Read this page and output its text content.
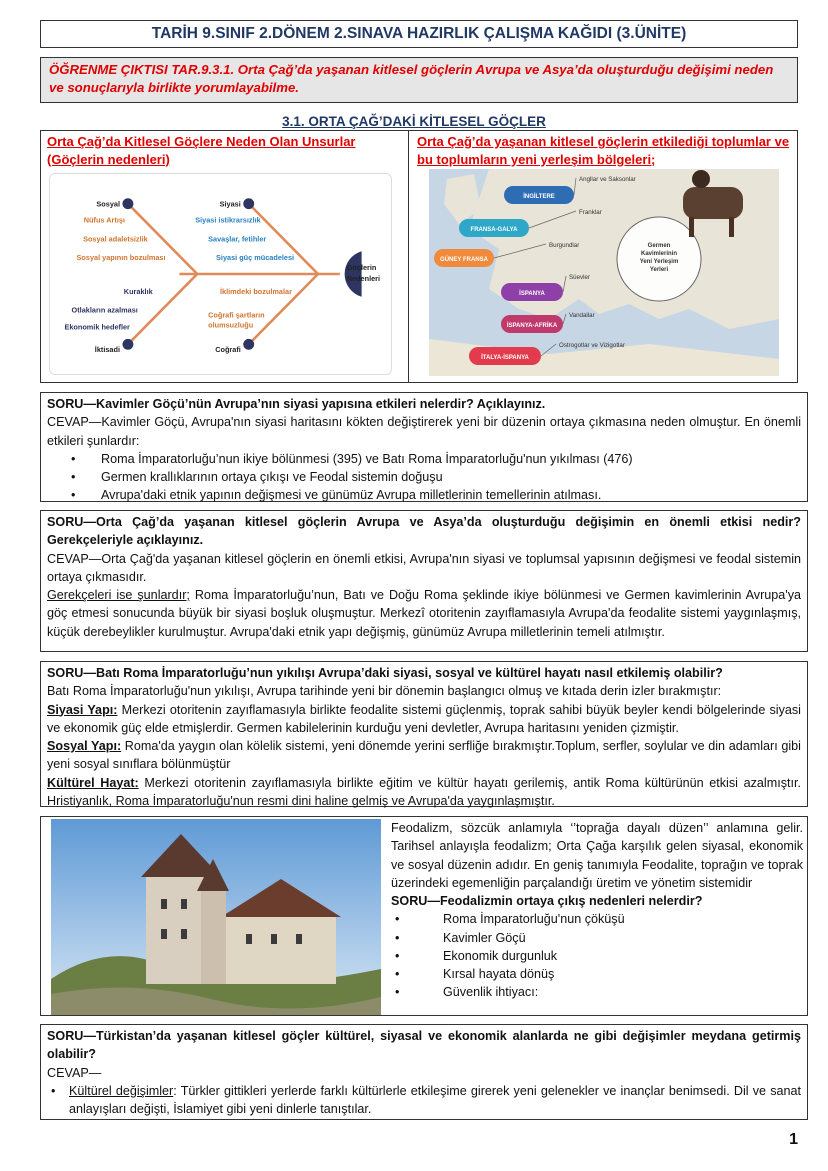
TARİH 9.SINIF 2.DÖNEM 2.SINAVA HAZIRLIK ÇALIŞMA KAĞIDI (3.ÜNİTE)
ÖĞRENME ÇIKTISI TAR.9.3.1. Orta Çağ’da yaşanan kitlesel göçlerin Avrupa ve Asya’da oluşturduğu değişimi neden ve sonuçlarıyla birlikte yorumlayabilme.
3.1. ORTA ÇAĞ’DAKİ KİTLESEL GÖÇLER
Orta Çağ’da Kitlesel Göçlere Neden Olan Unsurlar (Göçlerin nedenleri)
Orta Çağ’da yaşanan kitlesel göçlerin etkilediği toplumlar ve bu toplumların yeni yerleşim bölgeleri;
Sosyal	Siyasi
İktisadi	Coğrafi
Göçlerin
Nedenleri
Nüfus Artışı
Sosyal adaletsizlik
Sosyal yapının bozulması
Siyasi istikrarsızlık
Savaşlar, fetihler
Siyasi güç mücadelesi
Kuraklık
Otlakların azalması
Ekonomik hedefler
İklimdeki bozulmalar
Coğrafi şartların
olumsuzluğu
Germen
Kavimlerinin
Yeni Yerleşim
Yerleri
İNGİLTERE
Angllar ve Saksonlar
FRANSA-GALYA
Franklar
GÜNEY FRANSA
Burgundlar
İSPANYA
Süevler
İSPANYA-AFRİKA
Vandallar
İTALYA-İSPANYA
Ostrogotlar ve Vizigotlar
SORU—Kavimler Göçü’nün Avrupa’nın siyasi yapısına etkileri nelerdir? Açıklayınız.
CEVAP—Kavimler Göçü, Avrupa'nın siyasi haritasını kökten değiştirerek yeni bir düzenin ortaya çıkmasına neden olmuştur. En önemli etkileri şunlardır:
• Roma İmparatorluğu’nun ikiye bölünmesi (395) ve Batı Roma İmparatorluğu'nun yıkılması (476)
• Germen krallıklarının ortaya çıkışı ve Feodal sistemin doğuşu
• Avrupa'daki etnik yapının değişmesi ve günümüz Avrupa milletlerinin temellerinin atılması.
SORU—Orta Çağ’da yaşanan kitlesel göçlerin Avrupa ve Asya’da oluşturduğu değişimin en önemli etkisi nedir? Gerekçeleriyle açıklayınız.
CEVAP—Orta Çağ'da yaşanan kitlesel göçlerin en önemli etkisi, Avrupa'nın siyasi ve toplumsal yapısının değişmesi ve feodal sistemin ortaya çıkmasıdır.
Gerekçeleri ise şunlardır; Roma İmparatorluğu’nun, Batı ve Doğu Roma şeklinde ikiye bölünmesi ve Germen kavimlerinin Avrupa'ya göç etmesi sonucunda büyük bir siyasi boşluk oluşmuştur. Merkezî otoritenin zayıflamasıyla Avrupa'da feodalite sistemi yaygınlaşmış, küçük derebeylikler kurulmuştur. Avrupa'daki etnik yapı değişmiş, günümüz Avrupa milletlerinin temeli atılmıştır.
SORU—Batı Roma İmparatorluğu’nun yıkılışı Avrupa’daki siyasi, sosyal ve kültürel hayatı nasıl etkilemiş olabilir?
Batı Roma İmparatorluğu'nun yıkılışı, Avrupa tarihinde yeni bir dönemin başlangıcı olmuş ve kıtada derin izler bırakmıştır:
Siyasi Yapı: Merkezi otoritenin zayıflamasıyla birlikte feodalite sistemi güçlenmiş, toprak sahibi büyük beyler kendi bölgelerinde siyasi ve ekonomik güç elde etmişlerdir. Germen kabilelerinin kurduğu yeni devletler, Avrupa haritasını yeniden çizmiştir.
Sosyal Yapı: Roma'da yaygın olan kölelik sistemi, yeni dönemde yerini serfliğe bırakmıştır.Toplum, serfler, soylular ve din adamları gibi yeni sosyal sınıflara bölünmüştür
Kültürel Hayat: Merkezi otoritenin zayıflamasıyla birlikte eğitim ve kültür hayatı gerilemiş, antik Roma kültürünün etkisi azalmıştır. Hristiyanlık, Roma İmparatorluğu'nun resmi dini haline gelmiş ve Avrupa'da yaygınlaşmıştır.
Feodalizm, sözcük anlamıyla ‘’toprağa dayalı düzen’’ anlamına gelir. Tarihsel anlayışla feodalizm; Orta Çağa karşılık gelen siyasal, ekonomik ve sosyal düzenin adıdır. En geniş tanımıyla Feodalite, toprağın ve toprak üzerindeki egemenliğin parçalandığı üretim ve yönetim sistemidir
SORU—Feodalizmin ortaya çıkış nedenleri nelerdir?
• Roma İmparatorluğu'nun çöküşü
• Kavimler Göçü
• Ekonomik durgunluk
• Kırsal hayata dönüş
• Güvenlik ihtiyacı:
SORU—Türkistan’da yaşanan kitlesel göçler kültürel, siyasal ve ekonomik alanlarda ne gibi değişimler meydana getirmiş olabilir?
CEVAP—
• Kültürel değişimler: Türkler gittikleri yerlerde farklı kültürlerle etkileşime girerek yeni gelenekler ve inançlar benimsedi. Dil ve sanat anlayışları değişti, İslamiyet gibi yeni dinlerle tanıştılar.
1
